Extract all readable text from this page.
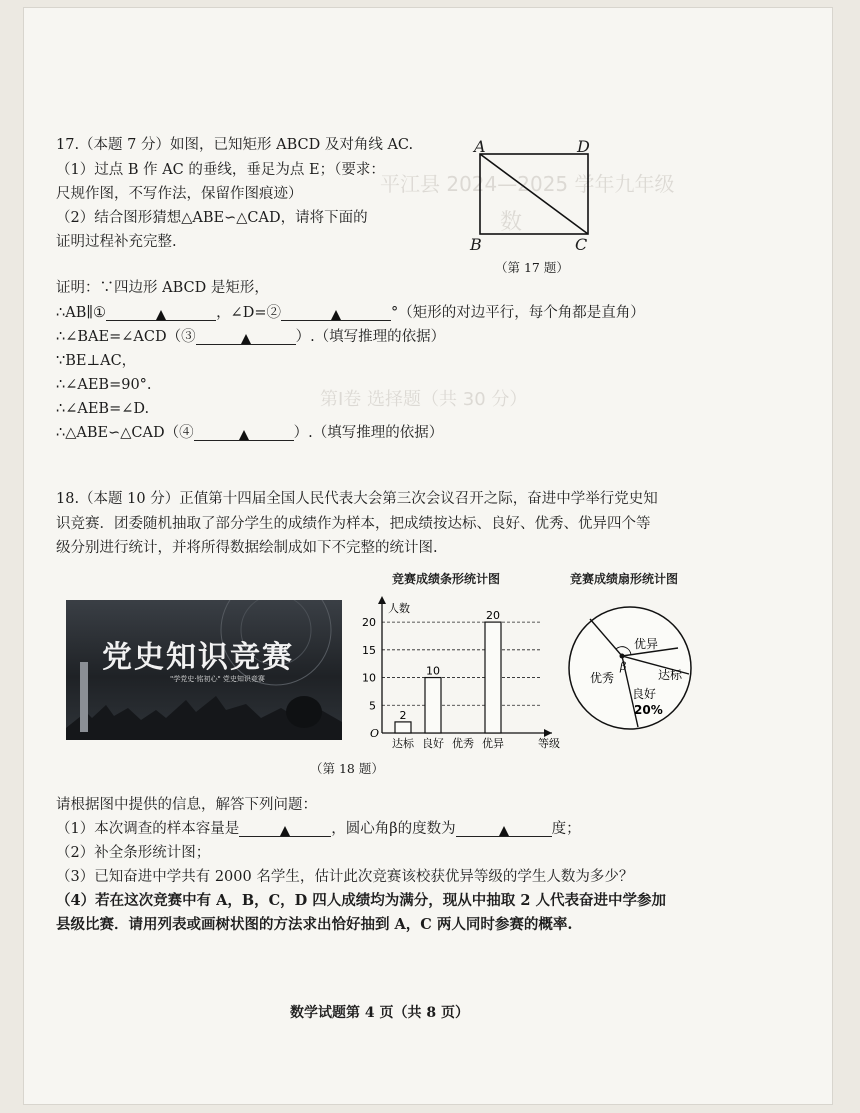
平江县 2024—2025 学年九年级
数
第Ⅰ卷 选择题（共 30 分）
17.（本题 7 分）如图，已知矩形 ABCD 及对角线 AC.
（1）过点 B 作 AC 的垂线，垂足为点 E；（要求：
尺规作图，不写作法，保留作图痕迹）
（2）结合图形猜想△ABE∽△CAD，请将下面的
证明过程补充完整.
A	D
B	C
（第 17 题）
证明：∵四边形 ABCD 是矩形，
∴AB∥①	，∠D=②	°（矩形的对边平行，每个角都是直角）
∴∠BAE=∠ACD（③	）.（填写推理的依据）
∵BE⊥AC，
∴∠AEB=90°.
∴∠AEB=∠D.
∴△ABE∽△CAD（④	）.（填写推理的依据）
18.（本题 10 分）正值第十四届全国人民代表大会第三次会议召开之际，奋进中学举行党史知
识竞赛．团委随机抽取了部分学生的成绩作为样本，把成绩按达标、良好、优秀、优异四个等
级分别进行统计，并将所得数据绘制成如下不完整的统计图.
党史知识竞赛
"学党史·铭初心" 党史知识竞赛
竞赛成绩条形统计图
5
10
15
20
人数
等级
O
达标
2
良好
10
优秀 优异
20
竞赛成绩扇形统计图
优异
达标
良好
20%
优秀
β
（第 18 题）
请根据图中提供的信息，解答下列问题：
（1）本次调查的样本容量是	，圆心角β的度数为	度；
（2）补全条形统计图；
（3）已知奋进中学共有 2000 名学生，估计此次竞赛该校获优异等级的学生人数为多少？
（4）若在这次竞赛中有 A，B，C，D 四人成绩均为满分，现从中抽取 2 人代表奋进中学参加
县级比赛．请用列表或画树状图的方法求出恰好抽到 A，C 两人同时参赛的概率.
数学试题第 4 页（共 8 页）
